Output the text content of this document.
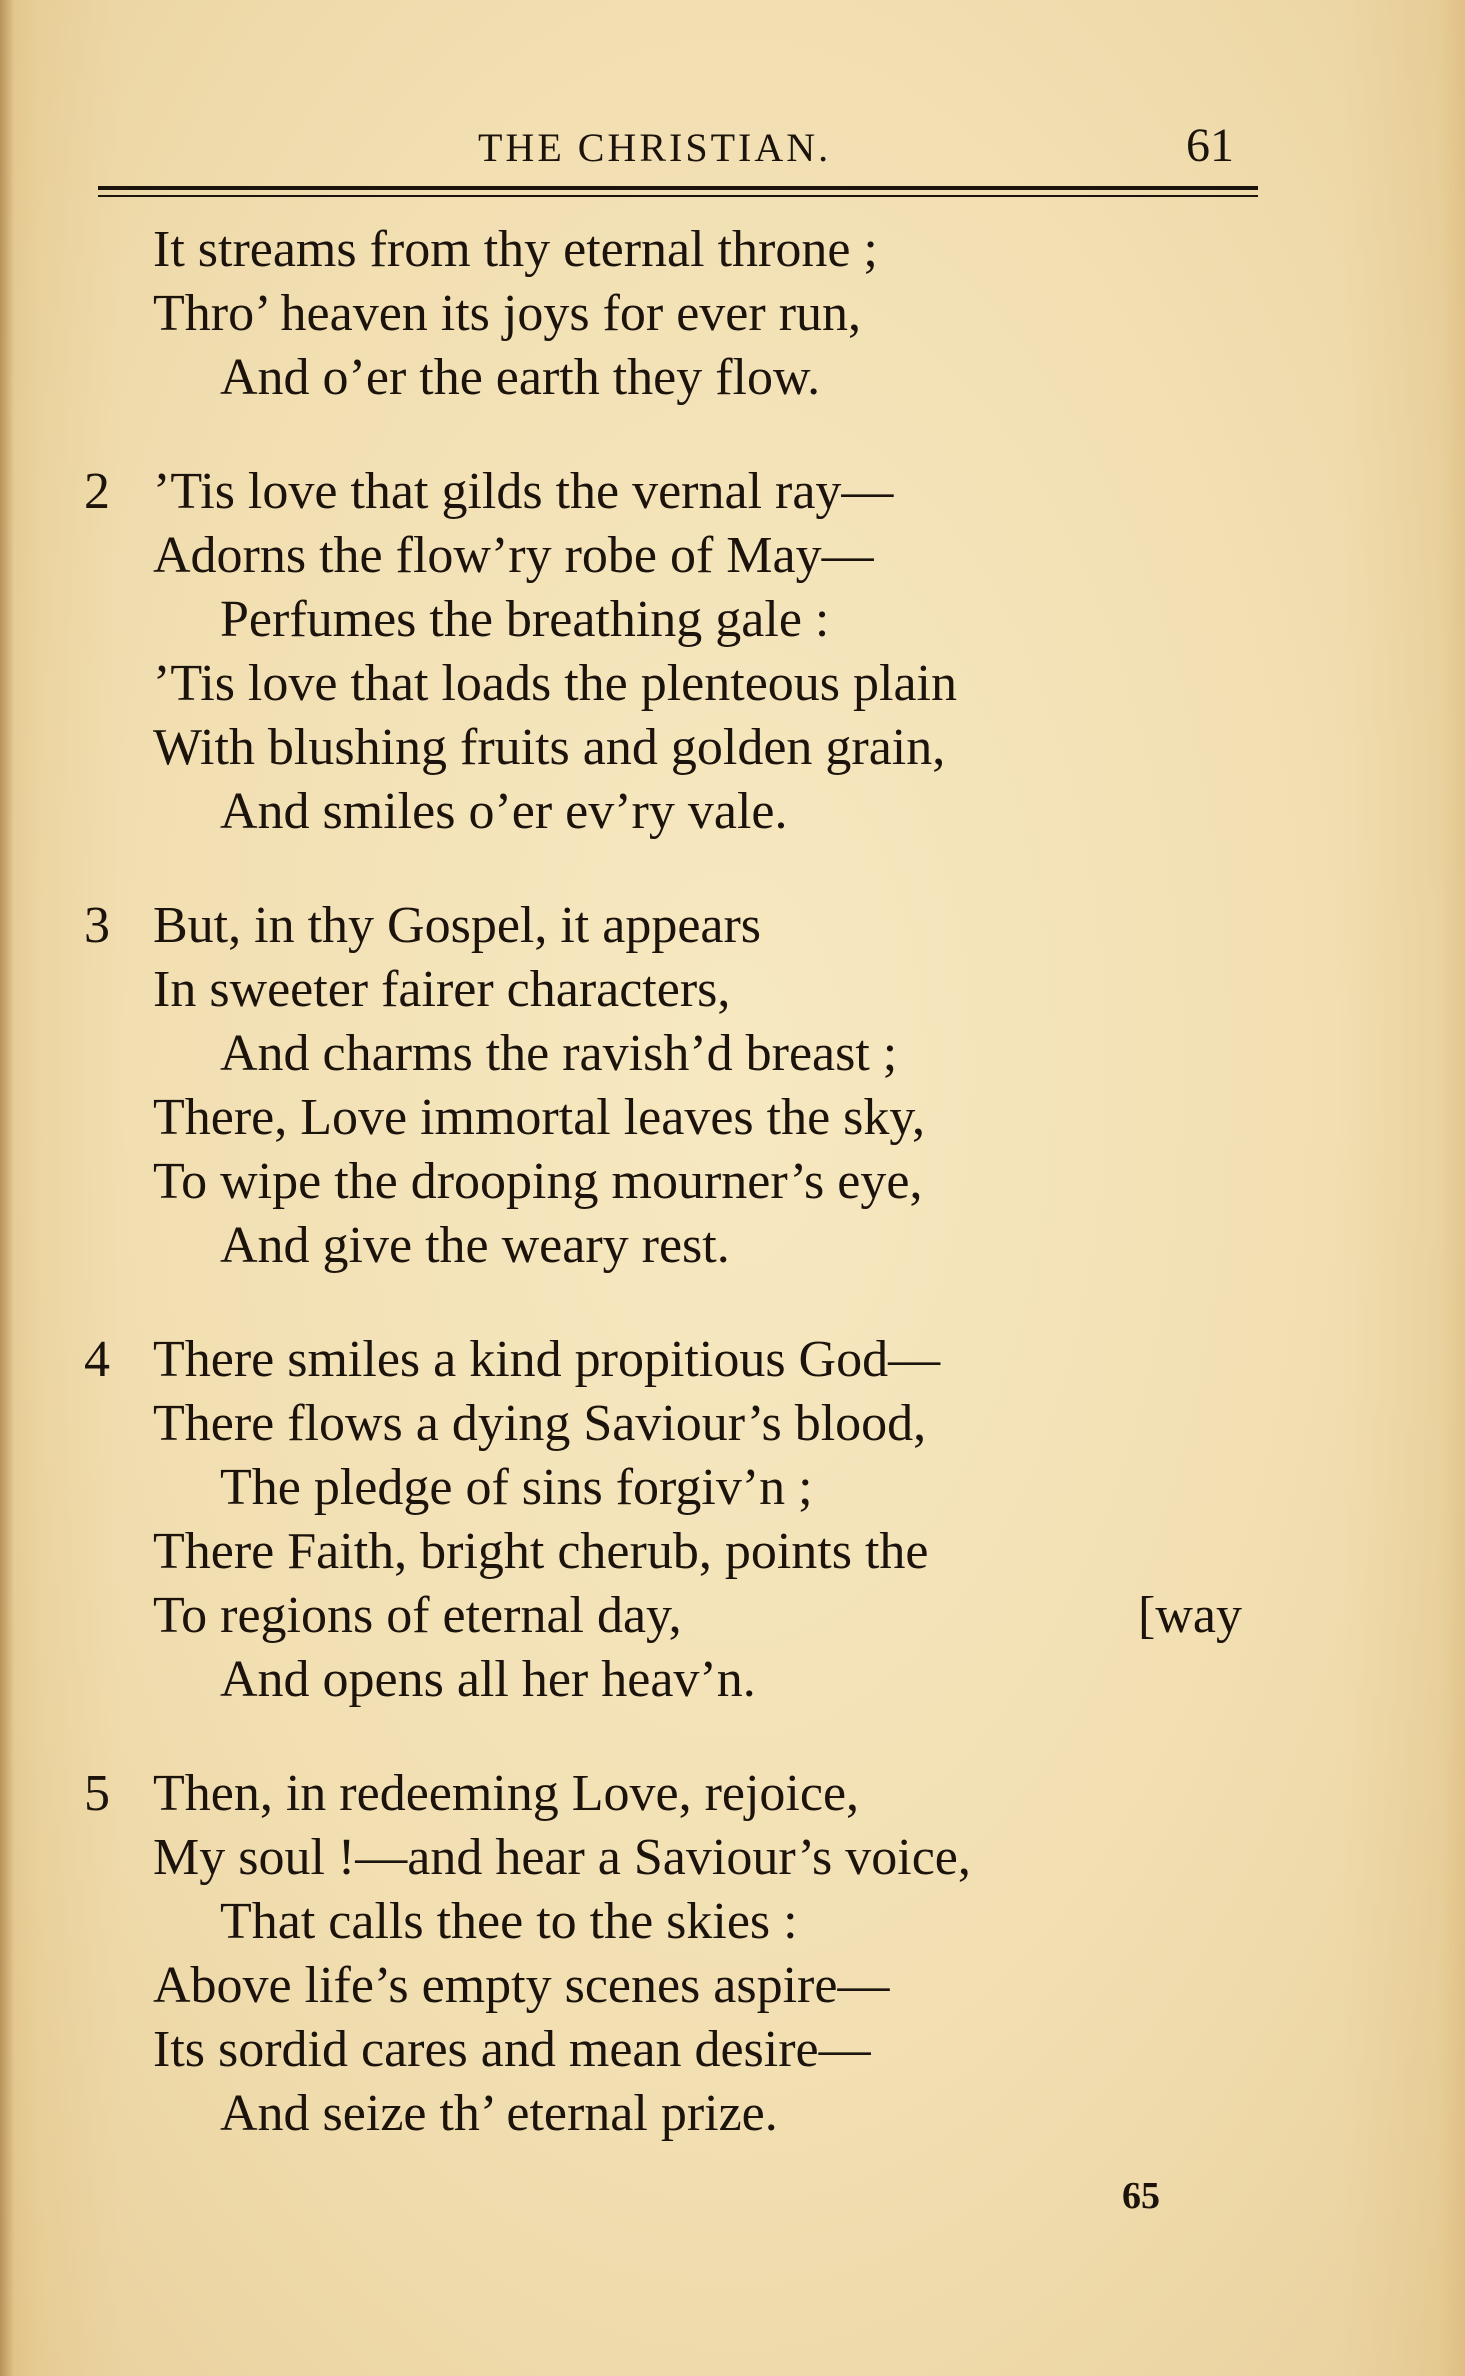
THE CHRISTIAN.	61
It streams from thy eternal throne ;
Thro’ heaven its joys for ever run,
And o’er the earth they flow.
2 ’Tis love that gilds the vernal ray—
Adorns the flow’ry robe of May—
Perfumes the breathing gale :
’Tis love that loads the plenteous plain
With blushing fruits and golden grain,
And smiles o’er ev’ry vale.
3 But, in thy Gospel, it appears
In sweeter fairer characters,
And charms the ravish’d breast ;
There, Love immortal leaves the sky,
To wipe the drooping mourner’s eye,
And give the weary rest.
4 There smiles a kind propitious God—
There flows a dying Saviour’s blood,
The pledge of sins forgiv’n ;
There Faith, bright cherub, points the
To regions of eternal day,	[way
And opens all her heav’n.
5 Then, in redeeming Love, rejoice,
My soul !—and hear a Saviour’s voice,
That calls thee to the skies :
Above life’s empty scenes aspire—
Its sordid cares and mean desire—
And seize th’ eternal prize.
65
